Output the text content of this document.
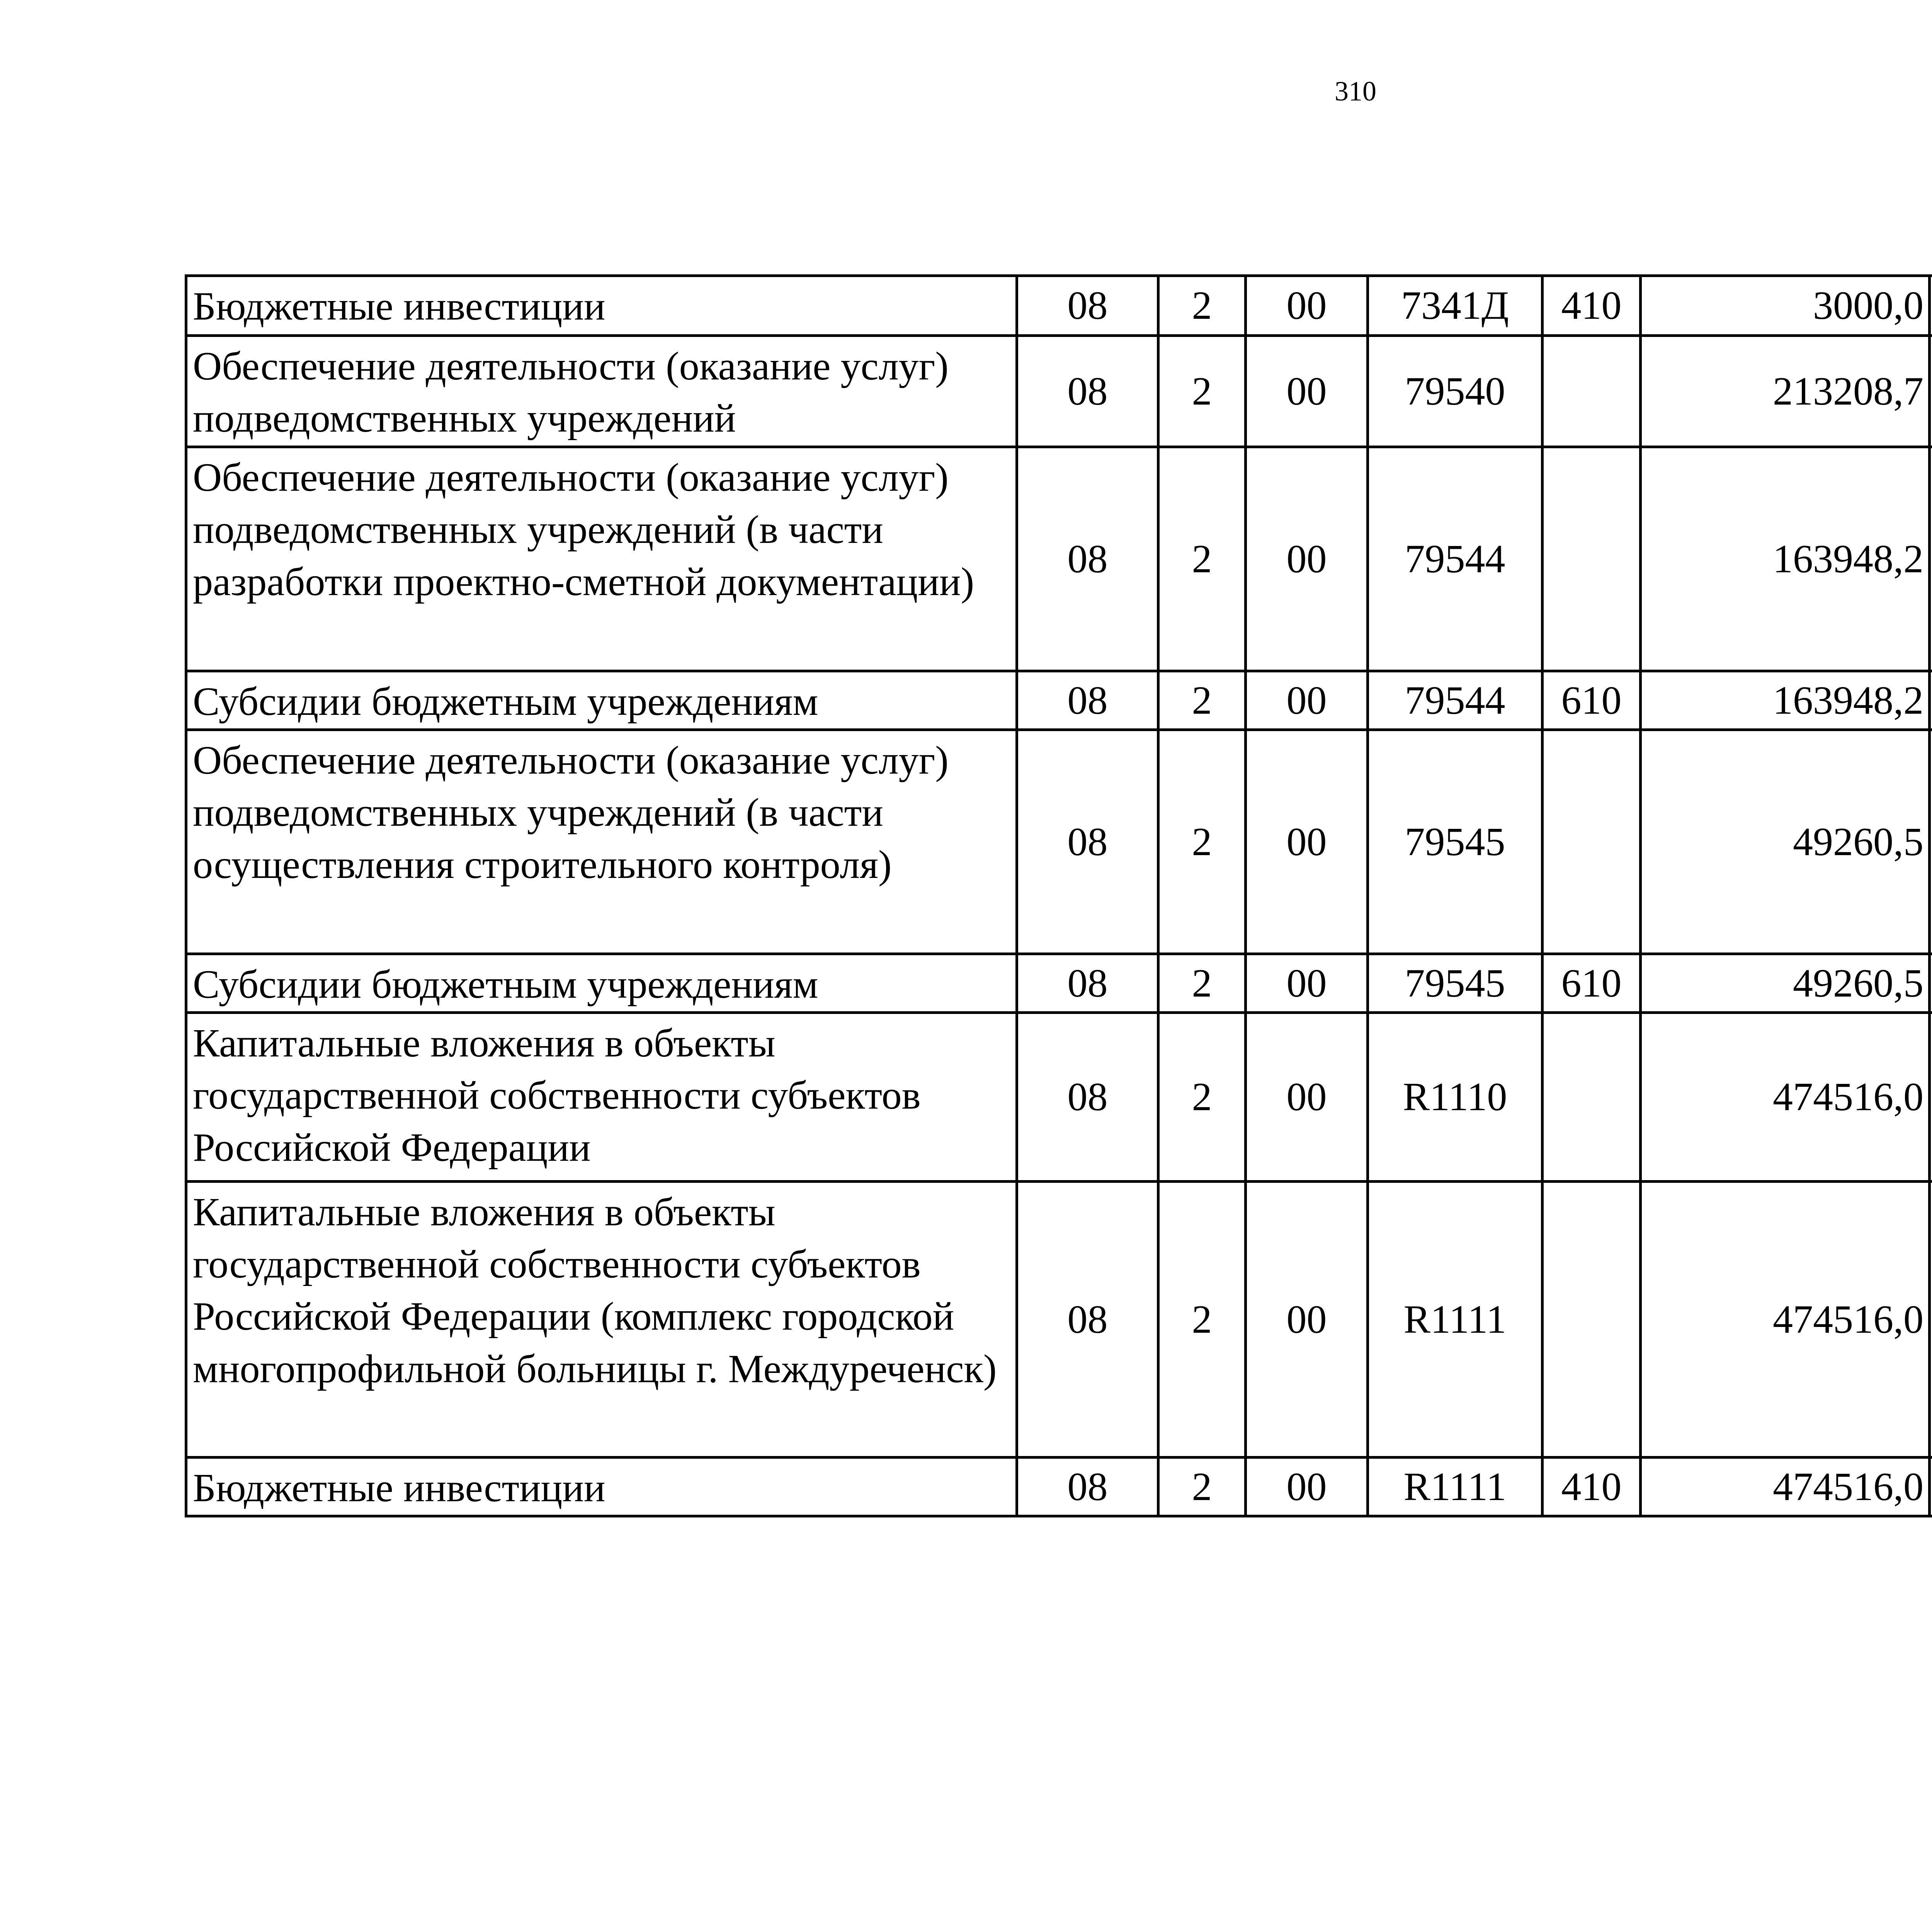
310
Бюджетные инвестиции	08	2	00	7341Д	410	3000,0		
Обеспечение деятельности (оказание услуг) подведомственных учреждений	08	2	00	79540		213208,7		
Обеспечение деятельности (оказание услуг) подведомственных учреждений (в части разработки проектно-сметной документации)	08	2	00	79544		163948,2		
Субсидии бюджетным учреждениям	08	2	00	79544	610	163948,2		
Обеспечение деятельности (оказание услуг) подведомственных учреждений (в части осуществления строительного контроля)	08	2	00	79545		49260,5		
Субсидии бюджетным учреждениям	08	2	00	79545	610	49260,5		
Капитальные вложения в объекты государственной собственности субъектов Российской Федерации	08	2	00	R1110		474516,0		
Капитальные вложения в объекты государственной собственности субъектов Российской Федерации (комплекс городской многопрофильной больницы г. Междуреченск)	08	2	00	R1111		474516,0		
Бюджетные инвестиции	08	2	00	R1111	410	474516,0		
